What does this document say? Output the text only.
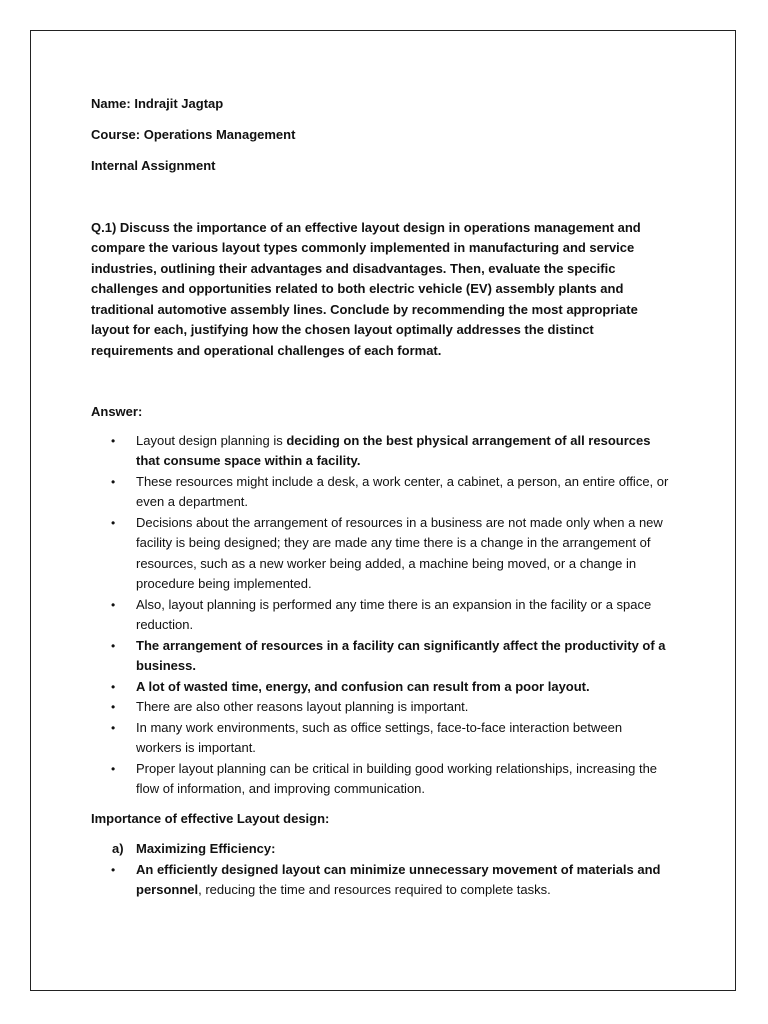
Name: Indrajit Jagtap
Course: Operations Management
Internal Assignment
Q.1) Discuss the importance of an effective layout design in operations management and compare the various layout types commonly implemented in manufacturing and service industries, outlining their advantages and disadvantages. Then, evaluate the specific challenges and opportunities related to both electric vehicle (EV) assembly plants and traditional automotive assembly lines. Conclude by recommending the most appropriate layout for each, justifying how the chosen layout optimally addresses the distinct requirements and operational challenges of each format.
Answer:
• Layout design planning is deciding on the best physical arrangement of all resources that consume space within a facility.
• These resources might include a desk, a work center, a cabinet, a person, an entire office, or even a department.
• Decisions about the arrangement of resources in a business are not made only when a new facility is being designed; they are made any time there is a change in the arrangement of resources, such as a new worker being added, a machine being moved, or a change in procedure being implemented.
• Also, layout planning is performed any time there is an expansion in the facility or a space reduction.
• The arrangement of resources in a facility can significantly affect the productivity of a business.
• A lot of wasted time, energy, and confusion can result from a poor layout.
• There are also other reasons layout planning is important.
• In many work environments, such as office settings, face-to-face interaction between workers is important.
• Proper layout planning can be critical in building good working relationships, increasing the flow of information, and improving communication.
Importance of effective Layout design:
a) Maximizing Efficiency:
• An efficiently designed layout can minimize unnecessary movement of materials and personnel, reducing the time and resources required to complete tasks.
